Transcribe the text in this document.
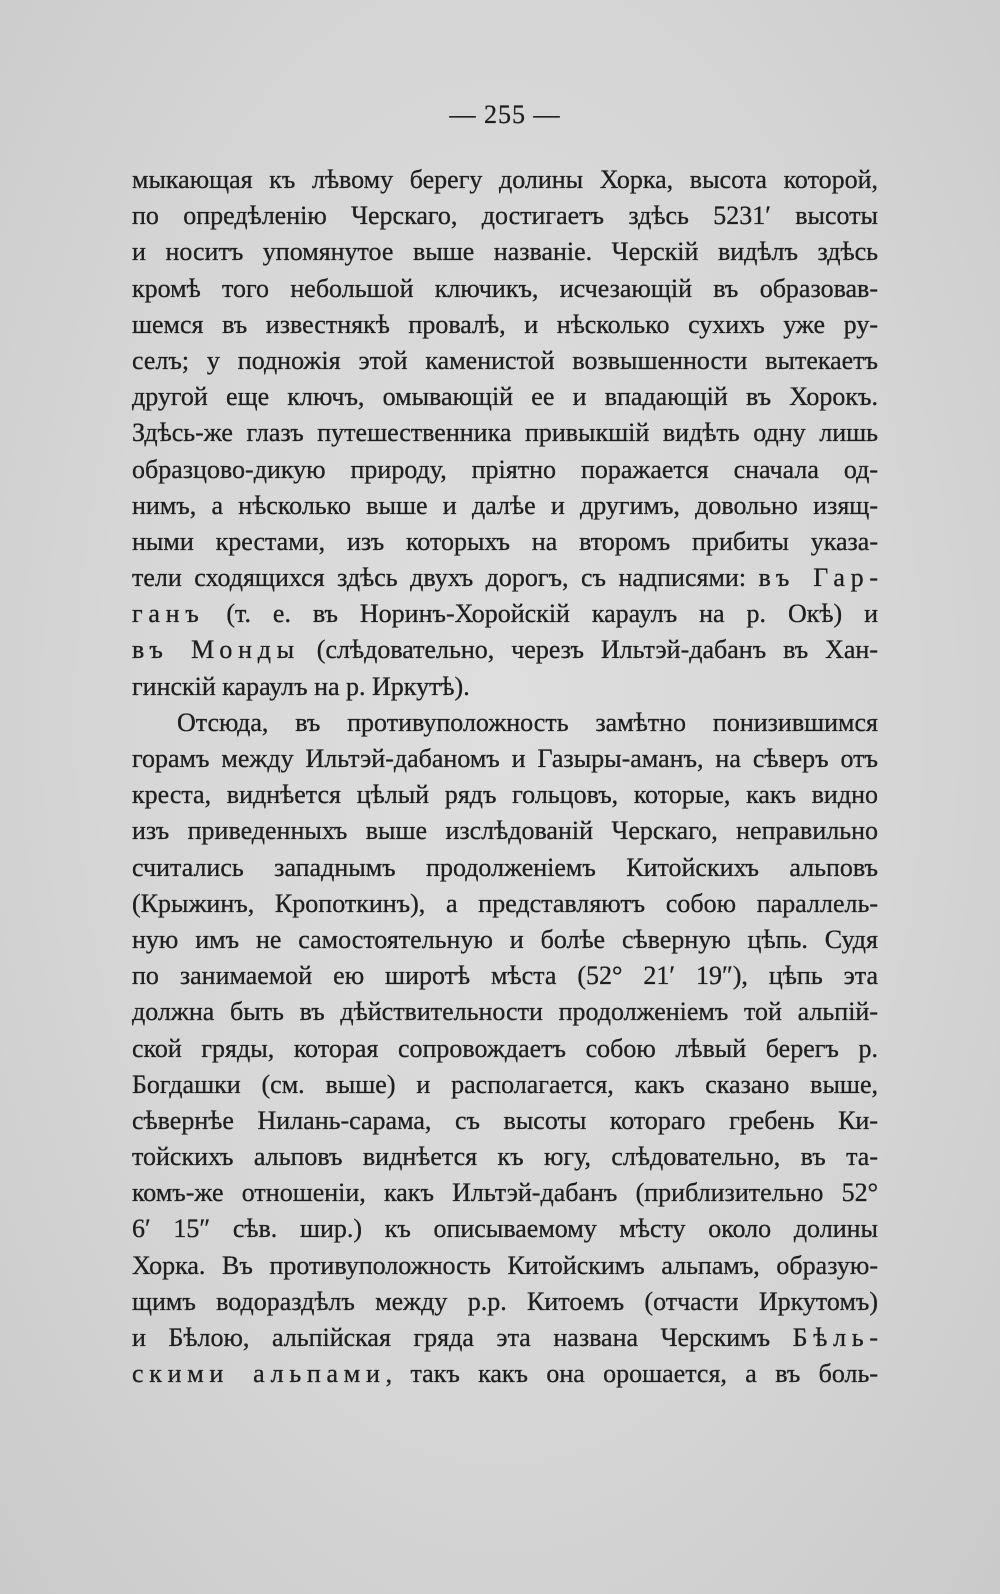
— 255 —
мыкающая къ лѣвому берегу долины Хорка, высота которой,
по опредѣленію Черскаго, достигаетъ здѣсь 5231′ высоты
и носитъ упомянутое выше названіе. Черскій видѣлъ здѣсь
кромѣ того небольшой ключикъ, исчезающій въ образовав-
шемся въ известнякѣ провалѣ, и нѣсколько сухихъ уже ру-
селъ; у подножія этой каменистой возвышенности вытекаетъ
другой еще ключъ, омывающій ее и впадающій въ Хорокъ.
Здѣсь-же глазъ путешественника привыкшій видѣть одну лишь
образцово-дикую природу, пріятно поражается сначала од-
нимъ, а нѣсколько выше и далѣе и другимъ, довольно изящ-
ными крестами, изъ которыхъ на второмъ прибиты указа-
тели сходящихся здѣсь двухъ дорогъ, съ надписями: въ Гар-
ганъ (т. е. въ Норинъ-Хоройскій караулъ на р. Окѣ) и
въ Монды (слѣдовательно, черезъ Ильтэй-дабанъ въ Хан-
гинскій караулъ на р. Иркутѣ).
Отсюда, въ противуположность замѣтно понизившимся
горамъ между Ильтэй-дабаномъ и Газыры-аманъ, на сѣверъ отъ
креста, виднѣется цѣлый рядъ гольцовъ, которые, какъ видно
изъ приведенныхъ выше изслѣдованій Черскаго, неправильно
считались западнымъ продолженіемъ Китойскихъ альповъ
(Крыжинъ, Кропоткинъ), а представляютъ собою параллель-
ную имъ не самостоятельную и болѣе сѣверную цѣпь. Судя
по занимаемой ею широтѣ мѣста (52° 21′ 19″), цѣпь эта
должна быть въ дѣйствительности продолженіемъ той альпій-
ской гряды, которая сопровождаетъ собою лѣвый берегъ р.
Богдашки (см. выше) и располагается, какъ сказано выше,
сѣвернѣе Нилань-сарама, съ высоты котораго гребень Ки-
тойскихъ альповъ виднѣется къ югу, слѣдовательно, въ та-
комъ-же отношеніи, какъ Ильтэй-дабанъ (приблизительно 52°
6′ 15″ сѣв. шир.) къ описываемому мѣсту около долины
Хорка. Въ противуположность Китойскимъ альпамъ, образую-
щимъ водораздѣлъ между р.р. Китоемъ (отчасти Иркутомъ)
и Бѣлою, альпійская гряда эта названа Черскимъ Бѣль-
скими альпами, такъ какъ она орошается, а въ боль-
